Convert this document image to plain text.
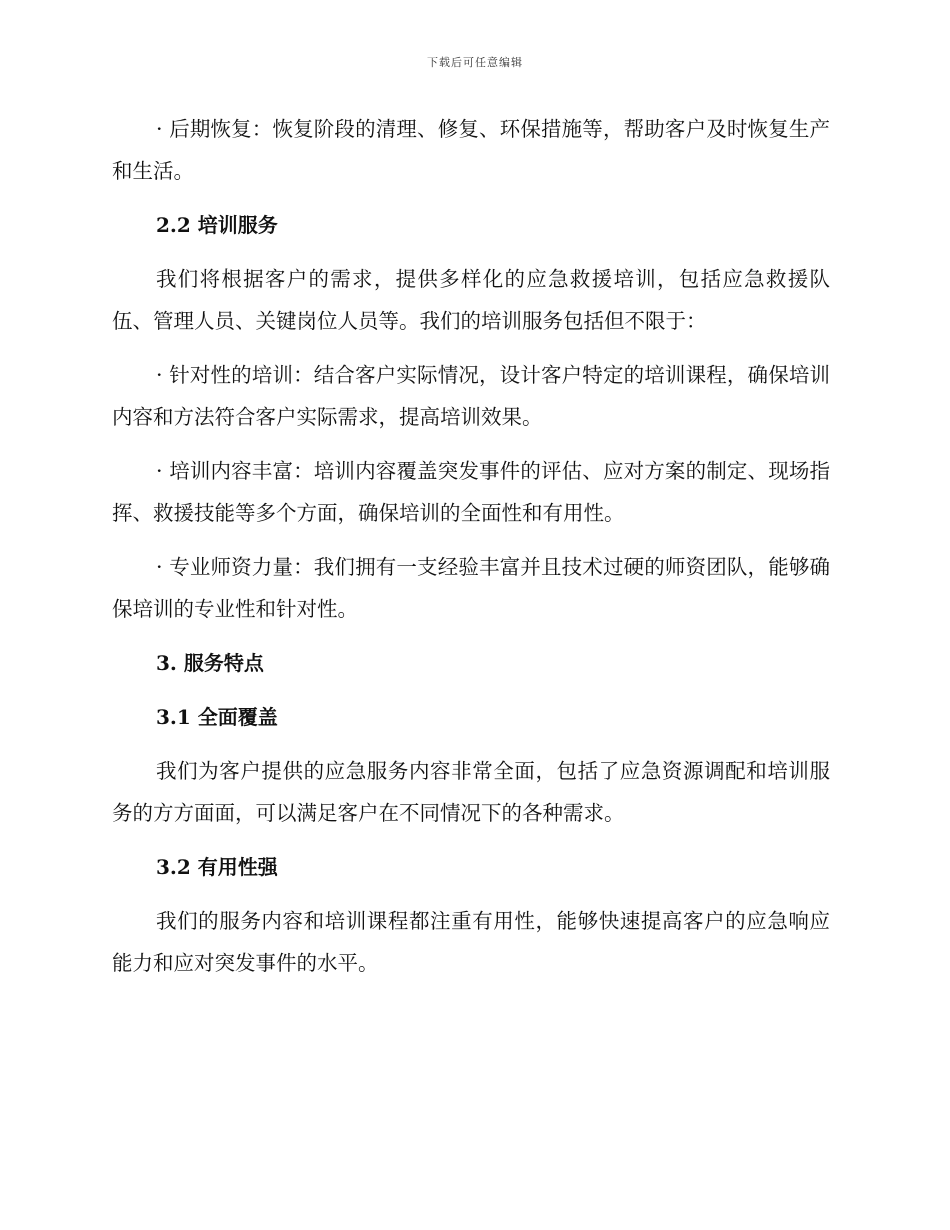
下载后可任意编辑

· 后期恢复：恢复阶段的清理、修复、环保措施等，帮助客户及时恢复生产和生活。

2.2 培训服务

我们将根据客户的需求，提供多样化的应急救援培训，包括应急救援队伍、管理人员、关键岗位人员等。我们的培训服务包括但不限于：

· 针对性的培训：结合客户实际情况，设计客户特定的培训课程，确保培训内容和方法符合客户实际需求，提高培训效果。

· 培训内容丰富：培训内容覆盖突发事件的评估、应对方案的制定、现场指挥、救援技能等多个方面，确保培训的全面性和有用性。

· 专业师资力量：我们拥有一支经验丰富并且技术过硬的师资团队，能够确保培训的专业性和针对性。

3. 服务特点
3.1 全面覆盖

我们为客户提供的应急服务内容非常全面，包括了应急资源调配和培训服务的方方面面，可以满足客户在不同情况下的各种需求。

3.2 有用性强

我们的服务内容和培训课程都注重有用性，能够快速提高客户的应急响应能力和应对突发事件的水平。
